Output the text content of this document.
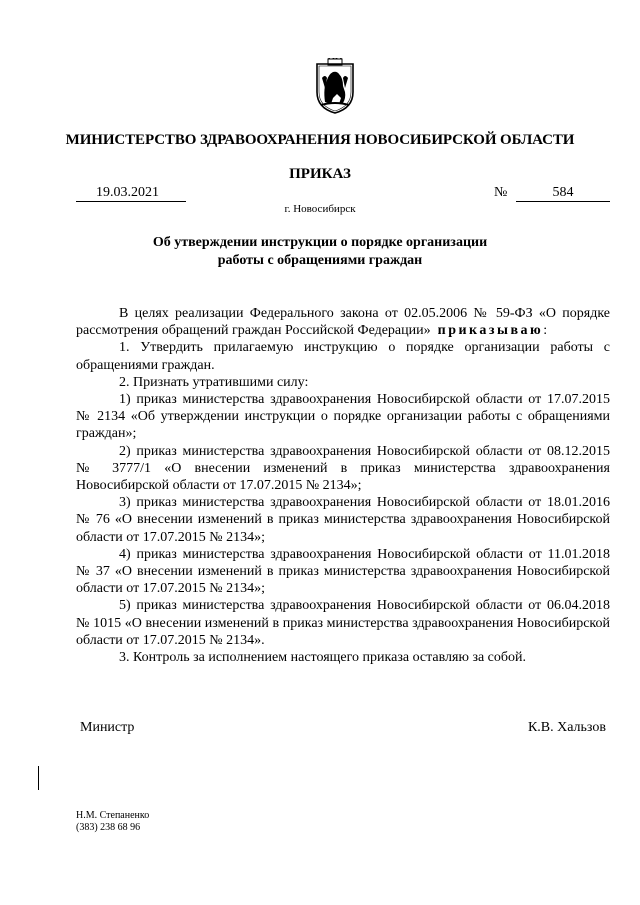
МИНИСТЕРСТВО ЗДРАВООХРАНЕНИЯ НОВОСИБИРСКОЙ ОБЛАСТИ
ПРИКАЗ
19.03.2021	№	584
г. Новосибирск
Об утверждении инструкции о порядке организации
работы с обращениями граждан

В целях реализации Федерального закона от 02.05.2006 № 59-ФЗ «О порядке рассмотрения обращений граждан Российской Федерации» приказываю:

1. Утвердить прилагаемую инструкцию о порядке организации работы с обращениями граждан.

2. Признать утратившими силу:

1) приказ министерства здравоохранения Новосибирской области от 17.07.2015 № 2134 «Об утверждении инструкции о порядке организации работы с обращениями граждан»;

2) приказ министерства здравоохранения Новосибирской области от 08.12.2015 № 3777/1 «О внесении изменений в приказ министерства здравоохранения Новосибирской области от 17.07.2015 № 2134»;

3) приказ министерства здравоохранения Новосибирской области от 18.01.2016 № 76 «О внесении изменений в приказ министерства здравоохранения Новосибирской области от 17.07.2015 № 2134»;

4) приказ министерства здравоохранения Новосибирской области от 11.01.2018 № 37 «О внесении изменений в приказ министерства здравоохранения Новосибирской области от 17.07.2015 № 2134»;

5) приказ министерства здравоохранения Новосибирской области от 06.04.2018 № 1015 «О внесении изменений в приказ министерства здравоохранения Новосибирской области от 17.07.2015 № 2134».

3. Контроль за исполнением настоящего приказа оставляю за собой.

Министр	К.В. Хальзов
Н.М. Степаненко
(383) 238 68 96
